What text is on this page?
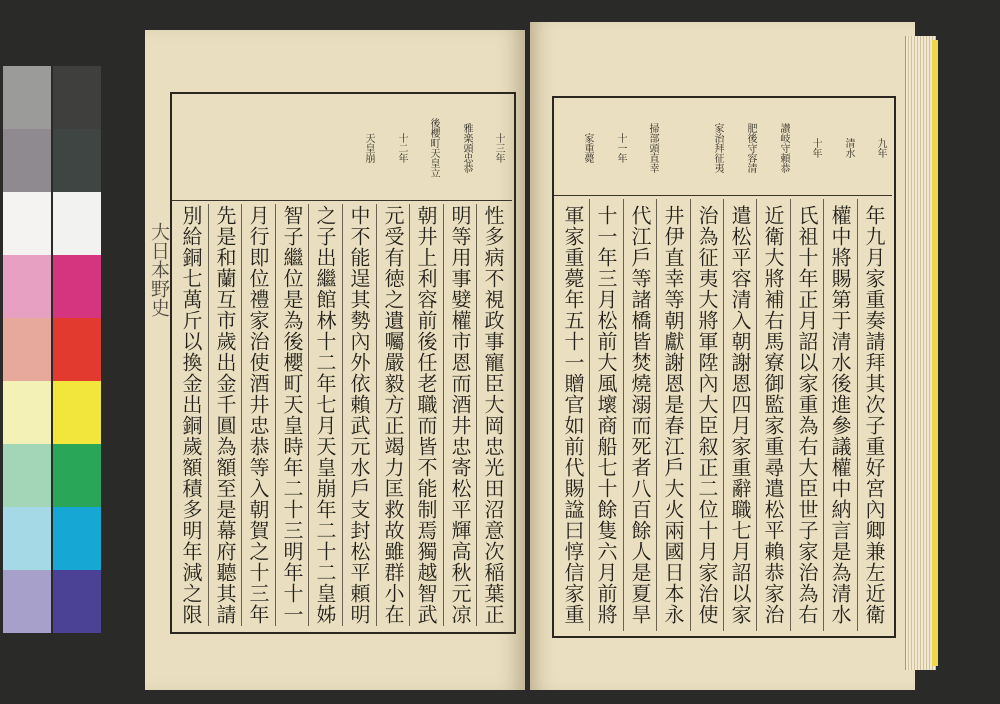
十三年
雅楽頭忠恭
後櫻町天皇立
十二年
天皇崩
性多病不視政事寵臣大岡忠光田沼意次稲葉正
明等用事嬖權市恩而酒井忠寄松平輝高秋元凉
朝井上利容前後任老職而皆不能制焉獨越智武
元受有徳之遺囑嚴毅方正竭力匡救故雖群小在
中不能逞其勢內外依賴武元水戶支封松平頼明
之子出繼館林十二年七月天皇崩年二十二皇姊
智子繼位是為後櫻町天皇時年二十三明年十一
月行即位禮家治使酒井忠恭等入朝賀之十三年
先是和蘭互市歲出金千圓為額至是幕府聽其請
別給銅七萬斤以換金出銅歲額積多明年減之限
大日本野史
九年
清水
十年
讃岐守頼恭
肥後守容清
家治拜征夷
掃部頭直幸
十一年
家重薨
年九月家重奏請拜其次子重好宮內卿兼左近衛
權中將賜第于清水後進參議權中納言是為清水
氏祖十年正月詔以家重為右大臣世子家治為右
近衛大將補右馬寮御監家重尋遣松平賴恭家治
遣松平容清入朝謝恩四月家重辭職七月詔以家
治為征夷大將軍陞內大臣叙正二位十月家治使
井伊直幸等朝獻謝恩是春江戶大火兩國日本永
代江戶等諸橋皆焚燒溺而死者八百餘人是夏旱
十一年三月松前大風壞商船七十餘隻六月前將
軍家重薨年五十一贈官如前代賜諡曰惇信家重
